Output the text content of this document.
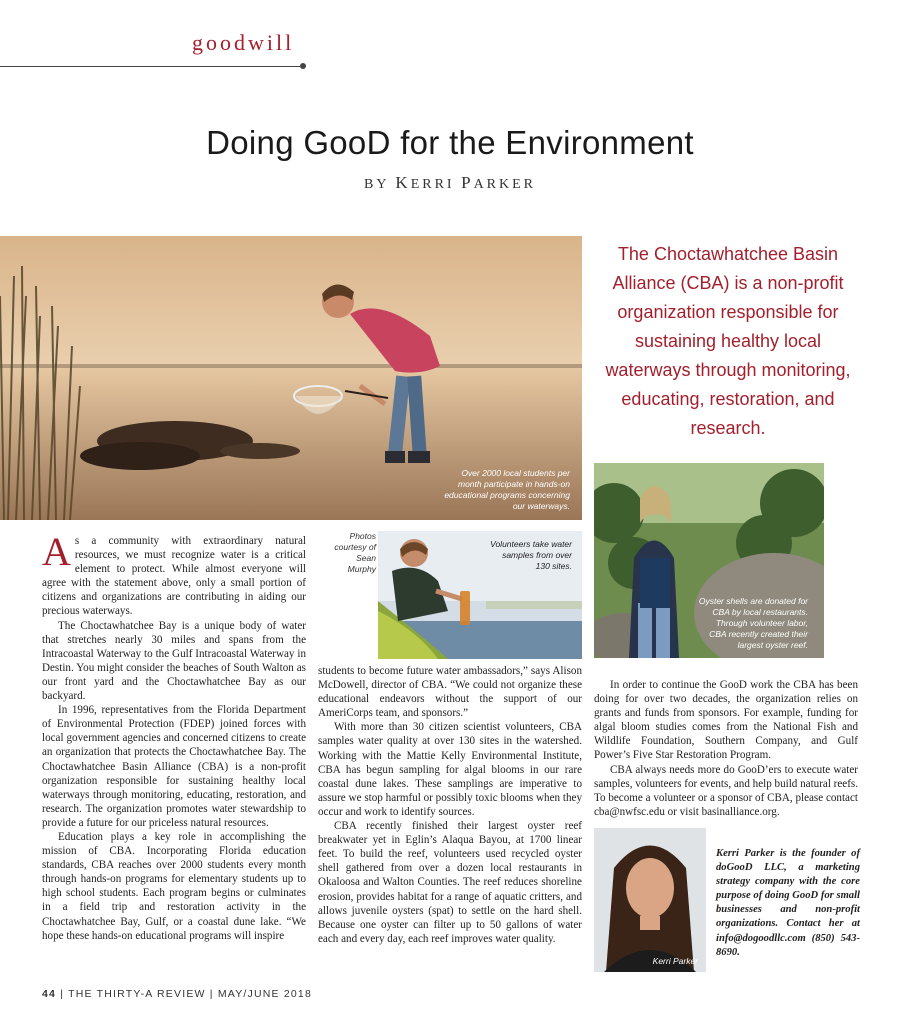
goodwill
Doing GooD for the Environment
BY KERRI PARKER
Over 2000 local students per month participate in hands-on educational programs concerning our waterways.
The Choctawhatchee Basin Alliance (CBA) is a non-profit organization responsible for sustaining healthy local waterways through monitoring, educating, restoration, and research.
Oyster shells are donated for CBA by local restaurants. Through volunteer labor, CBA recently created their largest oyster reef.
Photos courtesy of Sean Murphy
Volunteers take water samples from over 130 sites.

As a community with extraordinary natural resources, we must recognize water is a critical element to protect. While almost everyone will agree with the statement above, only a small portion of citizens and organizations are contributing in aiding our precious waterways.

The Choctawhatchee Bay is a unique body of water that stretches nearly 30 miles and spans from the Intracoastal Waterway to the Gulf Intracoastal Waterway in Destin. You might consider the beaches of South Walton as our front yard and the Choctawhatchee Bay as our backyard.

In 1996, representatives from the Florida Department of Environmental Protection (FDEP) joined forces with local government agencies and concerned citizens to create an organization that protects the Choctawhatchee Bay. The Choctawhatchee Basin Alliance (CBA) is a non-profit organization responsible for sustaining healthy local waterways through monitoring, educating, restoration, and research. The organization promotes water stewardship to provide a future for our priceless natural resources.

Education plays a key role in accomplishing the mission of CBA. Incorporating Florida education standards, CBA reaches over 2000 students every month through hands-on programs for elementary students up to high school students. Each program begins or culminates in a field trip and restoration activity in the Choctawhatchee Bay, Gulf, or a coastal dune lake. “We hope these hands-on educational programs will inspire

students to become future water ambassadors,” says Alison McDowell, director of CBA. “We could not organize these educational endeavors without the support of our AmeriCorps team, and sponsors.”

With more than 30 citizen scientist volunteers, CBA samples water quality at over 130 sites in the watershed. Working with the Mattie Kelly Environmental Institute, CBA has begun sampling for algal blooms in our rare coastal dune lakes. These samplings are imperative to assure we stop harmful or possibly toxic blooms when they occur and work to identify sources.

CBA recently finished their largest oyster reef breakwater yet in Eglin’s Alaqua Bayou, at 1700 linear feet. To build the reef, volunteers used recycled oyster shell gathered from over a dozen local restaurants in Okaloosa and Walton Counties. The reef reduces shoreline erosion, provides habitat for a range of aquatic critters, and allows juvenile oysters (spat) to settle on the hard shell. Because one oyster can filter up to 50 gallons of water each and every day, each reef improves water quality.

In order to continue the GooD work the CBA has been doing for over two decades, the organization relies on grants and funds from sponsors. For example, funding for algal bloom studies comes from the National Fish and Wildlife Foundation, Southern Company, and Gulf Power’s Five Star Restoration Program.

CBA always needs more do GooD’ers to execute water samples, volunteers for events, and help build natural reefs. To become a volunteer or a sponsor of CBA, please contact cba@nwfsc.edu or visit basinalliance.org.

Kerri Parker
Kerri Parker is the founder of doGooD LLC, a marketing strategy company with the core purpose of doing GooD for small businesses and non-profit organizations. Contact her at info@dogoodllc.com (850) 543-8690.
44 | THE THIRTY-A REVIEW | MAY/JUNE 2018
